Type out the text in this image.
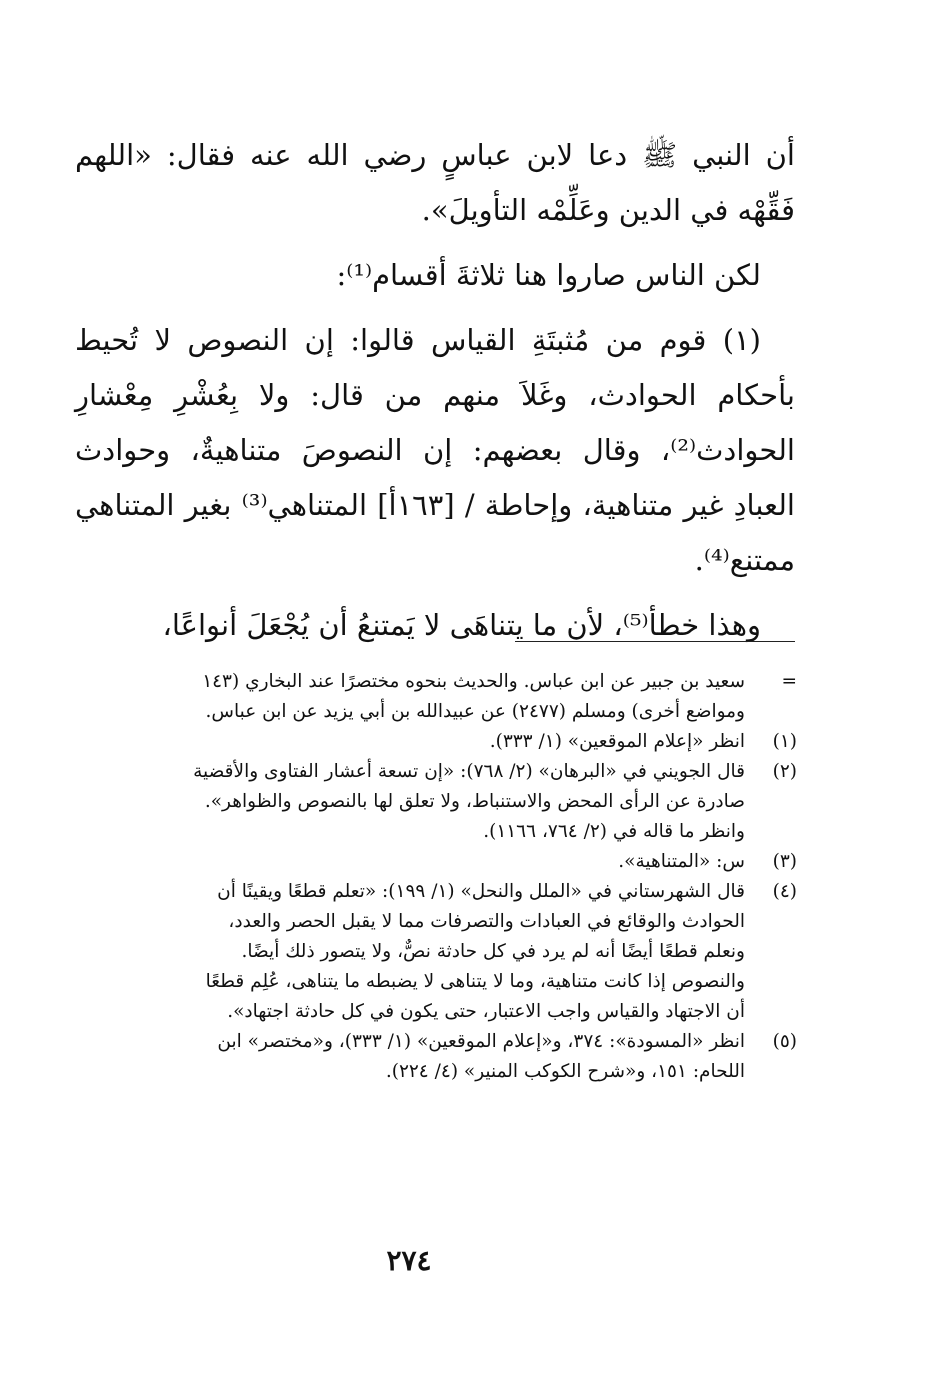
أن النبي ﷺ دعا لابن عباسٍ رضي الله عنه فقال: «اللهم فَقِّهْه في الدين وعَلِّمْه التأويلَ».

لكن الناس صاروا هنا ثلاثةَ أقسام⁽¹⁾:

(١) قوم من مُثبتَةِ القياس قالوا: إن النصوص لا تُحيط بأحكام الحوادث، وغَلاَ منهم من قال: ولا بِعُشْرِ مِعْشارِ الحوادث⁽²⁾، وقال بعضهم: إن النصوصَ متناهيةٌ، وحوادث العبادِ غير متناهية، وإحاطة / [١٦٣أ] المتناهي⁽³⁾ بغير المتناهي ممتنع⁽⁴⁾.

وهذا خطأ⁽⁵⁾، لأن ما يتناهَى لا يَمتنعُ أن يُجْعَلَ أنواعًا،

=
سعيد بن جبير عن ابن عباس. والحديث بنحوه مختصرًا عند البخاري (١٤٣
ومواضع أخرى) ومسلم (٢٤٧٧) عن عبيدالله بن أبي يزيد عن ابن عباس.
(١)
انظر «إعلام الموقعين» (١/ ٣٣٣).
(٢)
قال الجويني في «البرهان» (٢/ ٧٦٨): «إن تسعة أعشار الفتاوى والأقضية
صادرة عن الرأى المحض والاستنباط، ولا تعلق لها بالنصوص والظواهر».
وانظر ما قاله في (٢/ ٧٦٤، ١١٦٦).
(٣)
س: «المتناهية».
(٤)
قال الشهرستاني في «الملل والنحل» (١/ ١٩٩): «تعلم قطعًا ويقينًا أن
الحوادث والوقائع في العبادات والتصرفات مما لا يقبل الحصر والعدد،
ونعلم قطعًا أيضًا أنه لم يرد في كل حادثة نصٌّ، ولا يتصور ذلك أيضًا.
والنصوص إذا كانت متناهية، وما لا يتناهى لا يضبطه ما يتناهى، عُلِم قطعًا
أن الاجتهاد والقياس واجب الاعتبار، حتى يكون في كل حادثة اجتهاد».
(٥)
انظر «المسودة»: ٣٧٤، و«إعلام الموقعين» (١/ ٣٣٣)، و«مختصر» ابن
اللحام: ١٥١، و«شرح الكوكب المنير» (٤/ ٢٢٤).
٢٧٤
